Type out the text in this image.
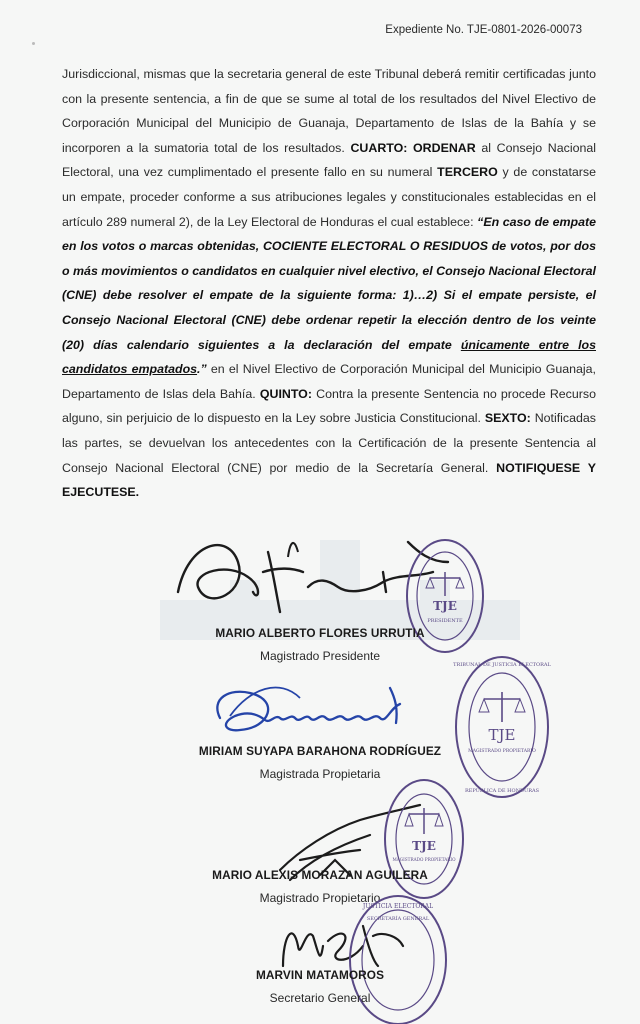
Expediente No. TJE-0801-2026-00073
Jurisdiccional, mismas que la secretaria general de este Tribunal deberá remitir certificadas junto con la presente sentencia, a fin de que se sume al total de los resultados del Nivel Electivo de Corporación Municipal del Municipio de Guanaja, Departamento de Islas de la Bahía y se incorporen a la sumatoria total de los resultados. CUARTO: ORDENAR al Consejo Nacional Electoral, una vez cumplimentado el presente fallo en su numeral TERCERO y de constatarse un empate, proceder conforme a sus atribuciones legales y constitucionales establecidas en el artículo 289 numeral 2), de la Ley Electoral de Honduras el cual establece: “En caso de empate en los votos o marcas obtenidas, COCIENTE ELECTORAL O RESIDUOS de votos, por dos o más movimientos o candidatos en cualquier nivel electivo, el Consejo Nacional Electoral (CNE) debe resolver el empate de la siguiente forma: 1)…2) Si el empate persiste, el Consejo Nacional Electoral (CNE) debe ordenar repetir la elección dentro de los veinte (20) días calendario siguientes a la declaración del empate únicamente entre los candidatos empatados.” en el Nivel Electivo de Corporación Municipal del Municipio Guanaja, Departamento de Islas dela Bahía. QUINTO: Contra la presente Sentencia no procede Recurso alguno, sin perjuicio de lo dispuesto en la Ley sobre Justicia Constitucional. SEXTO: Notificadas las partes, se devuelvan los antecedentes con la Certificación de la presente Sentencia al Consejo Nacional Electoral (CNE) por medio de la Secretaría General. NOTIFIQUESE Y EJECUTESE.
TJE
PRESIDENTE
MARIO ALBERTO FLORES URRUTIA
Magistrado Presidente
TJE
MAGISTRADO PROPIETARIO
TRIBUNAL DE JUSTICIA ELECTORAL
REPÚBLICA DE HONDURAS
MIRIAM SUYAPA BARAHONA RODRÍGUEZ
Magistrada Propietaria
TJE
MAGISTRADO PROPIETARIO
MARIO ALEXIS MORAZAN AGUILERA
Magistrado Propietario
JUSTICIA ELECTORAL
SECRETARÍA GENERAL
MARVIN MATAMOROS
Secretario General
